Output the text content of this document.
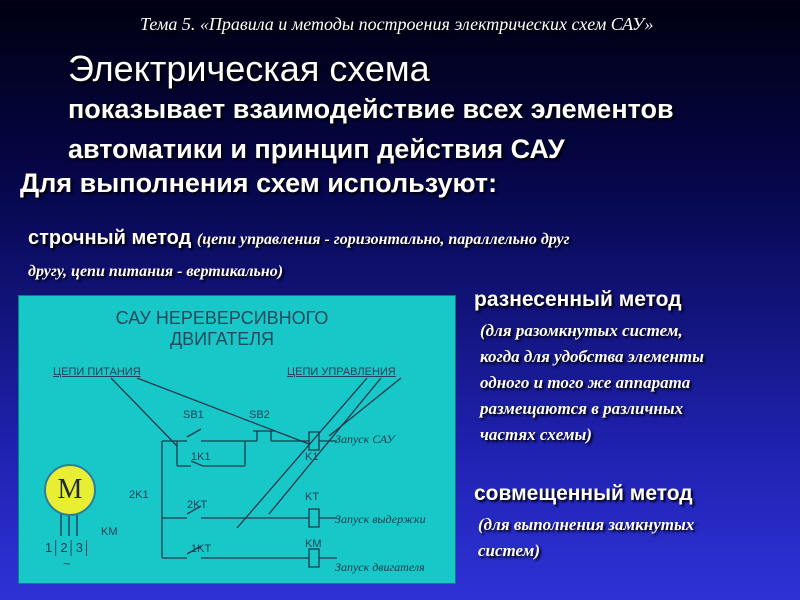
Тема 5. «Правила и методы построения электрических схем САУ»
Электрическая схема
показывает взаимодействие всех элементов
автоматики и принцип действия САУ
Для выполнения схем используют:
строчный метод (цепи управления - горизонтально, параллельно друг
другу, цепи питания - вертикально)
разнесенный метод
(для разомкнутых систем,
когда для удобства элементы
одного и того же аппарата
размещаются в различных
частях схемы)
совмещенный метод
(для выполнения замкнутых
систем)
САУ НЕРЕВЕРСИВНОГО
ДВИГАТЕЛЯ
ЦЕПИ ПИТАНИЯ	ЦЕПИ УПРАВЛЕНИЯ
SB1	SB2
1K1	K1
2K1
2KT
KT
1KT	KM
KM
1│2│3│
~
Запуск САУ
Запуск выдержки
Запуск двигателя
М
